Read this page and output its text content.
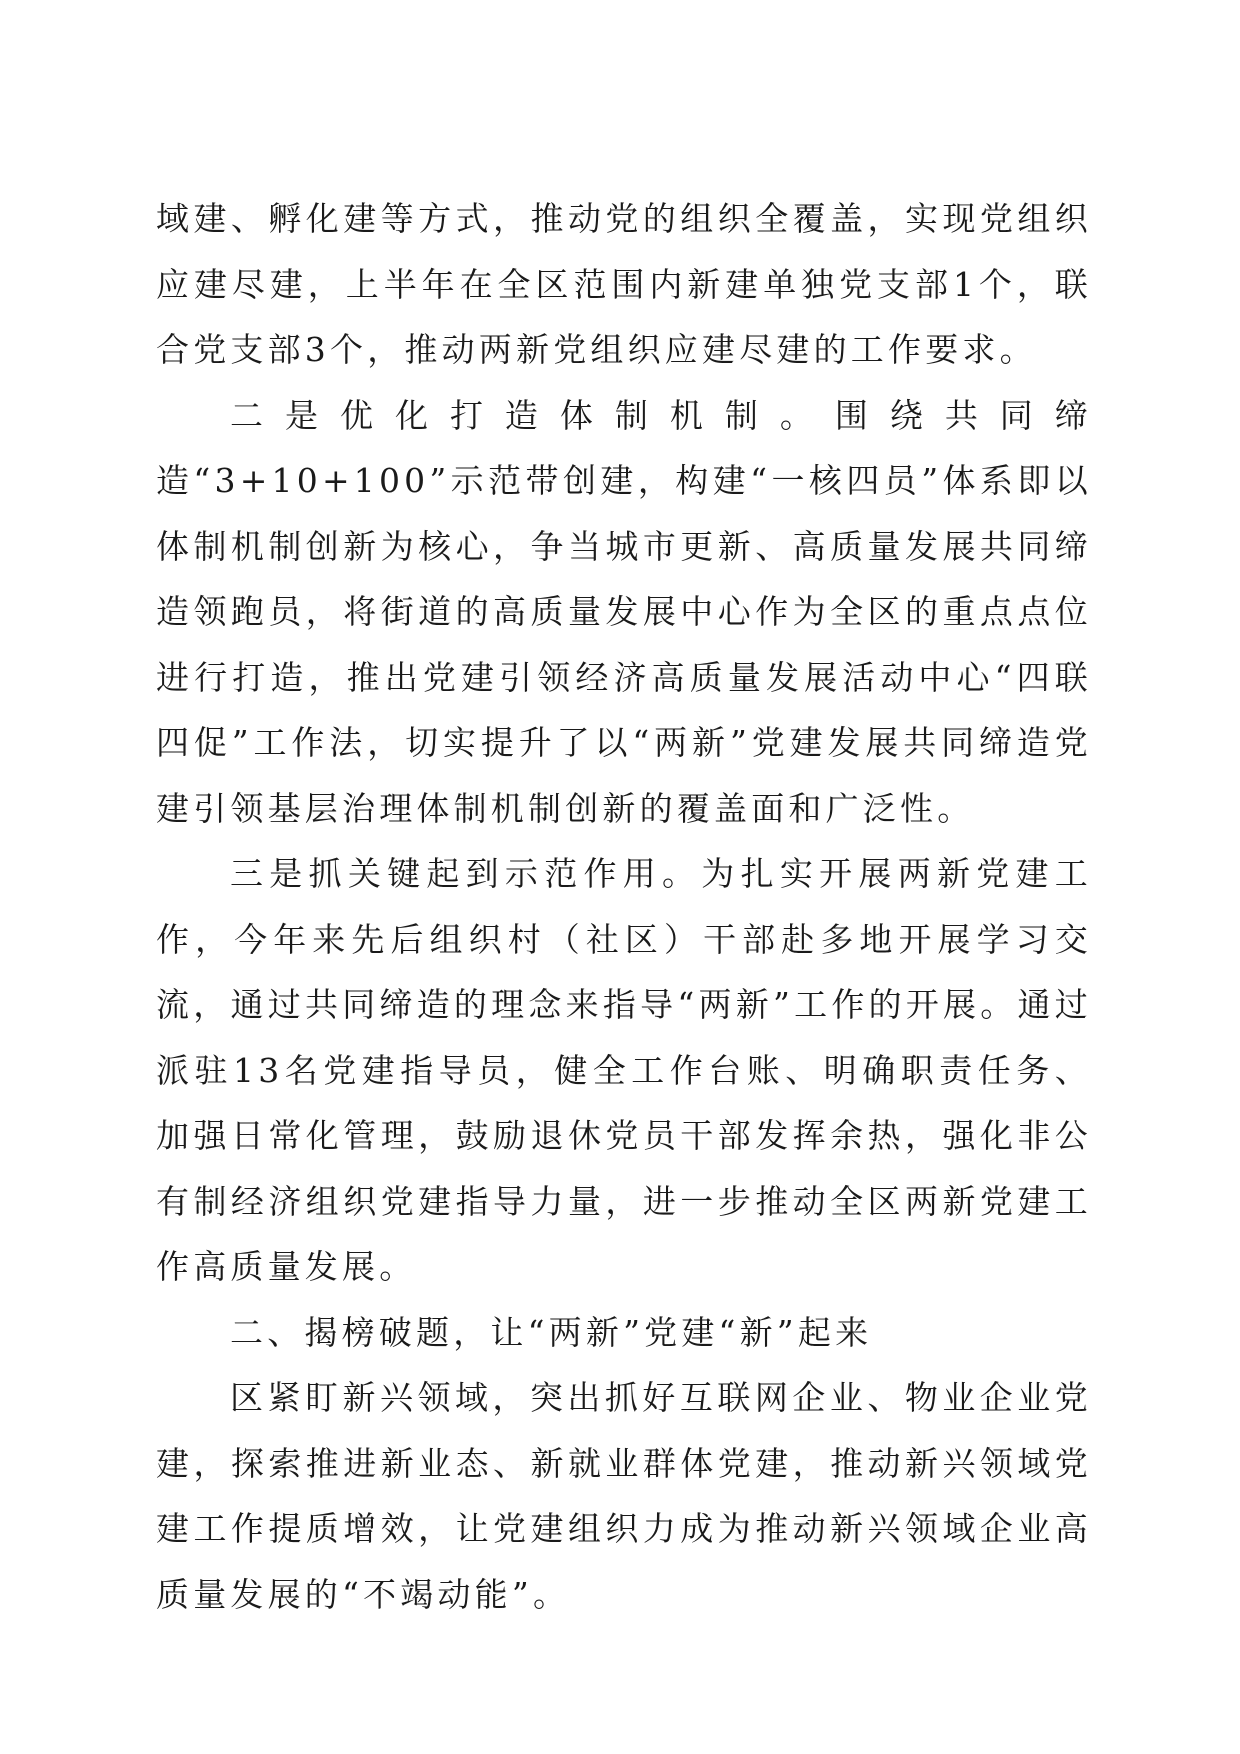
域建、孵化建等方式，推动党的组织全覆盖，实现党组织应建尽建，上半年在全区范围内新建单独党支部1个，联合党支部3个，推动两新党组织应建尽建的工作要求。

二是优化打造体制机制。围绕共同缔造“3+10+100”示范带创建，构建“一核四员”体系即以体制机制创新为核心，争当城市更新、高质量发展共同缔造领跑员，将街道的高质量发展中心作为全区的重点点位进行打造，推出党建引领经济高质量发展活动中心“四联四促”工作法，切实提升了以“两新”党建发展共同缔造党建引领基层治理体制机制创新的覆盖面和广泛性。

三是抓关键起到示范作用。为扎实开展两新党建工作，今年来先后组织村（社区）干部赴多地开展学习交流，通过共同缔造的理念来指导“两新”工作的开展。通过派驻13名党建指导员，健全工作台账、明确职责任务、加强日常化管理，鼓励退休党员干部发挥余热，强化非公有制经济组织党建指导力量，进一步推动全区两新党建工作高质量发展。

二、揭榜破题，让“两新”党建“新”起来

区紧盯新兴领域，突出抓好互联网企业、物业企业党建，探索推进新业态、新就业群体党建，推动新兴领域党建工作提质增效，让党建组织力成为推动新兴领域企业高质量发展的“不竭动能”。
